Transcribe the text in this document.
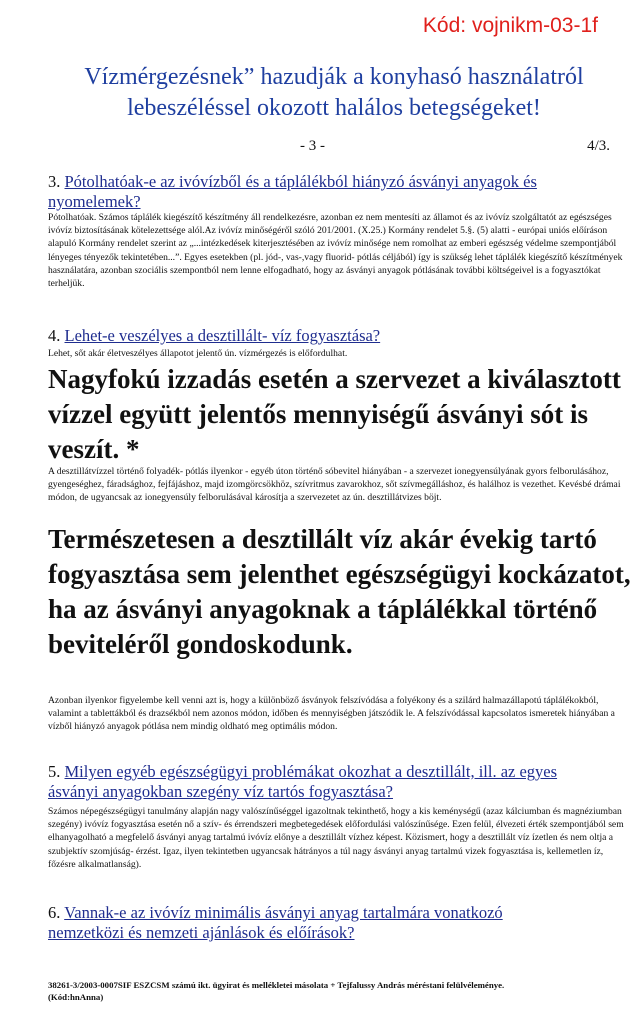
Kód: vojnikm-03-1f
Vízmérgezésnek” hazudják a konyhasó használatról lebeszéléssel okozott halálos betegségeket!
- 3 -	4/3.
3. Pótolhatóak-e az ivóvízből és a táplálékból hiányzó ásványi anyagok és nyomelemek?
Pótolhatóak. Számos táplálék kiegészítő készítmény áll rendelkezésre, azonban ez nem mentesíti az államot és az ivóvíz szolgáltatót az egészséges ivóvíz biztosításának kötelezettsége alól.Az ivóvíz minőségéről szóló 201/2001. (X.25.) Kormány rendelet 5.§. (5) alatti - európai uniós előíráson alapuló Kormány rendelet szerint az „...intézkedések kiterjesztésében az ivóvíz minősége nem romolhat az emberi egészség védelme szempontjából lényeges tényezők tekintetében...”. Egyes esetekben (pl. jód-, vas-,vagy fluorid- pótlás céljából) így is szükség lehet táplálék kiegészítő készítmények használatára, azonban szociális szempontból nem lenne elfogadható, hogy az ásványi anyagok pótlásának további költségeivel is a fogyasztókat terheljük.
4. Lehet-e veszélyes a desztillált- víz fogyasztása?
Lehet, sőt akár életveszélyes állapotot jelentő ún. vízmérgezés is előfordulhat.
Nagyfokú izzadás esetén a szervezet a kiválasztott vízzel együtt jelentős mennyiségű ásványi sót is veszít. *
A desztillátvízzel történő folyadék- pótlás ilyenkor - egyéb úton történő sóbevitel hiányában - a szervezet ionegyensúlyának gyors felborulásához, gyengeséghez, fáradsághoz, fejfájáshoz, majd izomgörcsökhöz, szívritmus zavarokhoz, sőt szívmegálláshoz, és halálhoz is vezethet. Kevésbé drámai módon, de ugyancsak az ionegyensúly felborulásával károsítja a szervezetet az ún. desztillátvizes böjt.
Természetesen a desztillált víz akár évekig tartó fogyasztása sem jelenthet egészségügyi kockázatot, ha az ásványi anyagoknak a táplálékkal történő beviteléről gondoskodunk.
Azonban ilyenkor figyelembe kell venni azt is, hogy a különböző ásványok felszívódása a folyékony és a szilárd halmazállapotú táplálékokból, valamint a tablettákból és drazsékból nem azonos módon, időben és mennyiségben játszódik le. A felszívódással kapcsolatos ismeretek hiányában a vízből hiányzó anyagok pótlása nem mindig oldható meg optimális módon.
5. Milyen egyéb egészségügyi problémákat okozhat a desztillált, ill. az egyes ásványi anyagokban szegény víz tartós fogyasztása?
Számos népegészségügyi tanulmány alapján nagy valószínűséggel igazoltnak tekinthető, hogy a kis keménységű (azaz kálciumban és magnéziumban szegény) ivóvíz fogyasztása esetén nő a szív- és érrendszeri megbetegedések előfordulási valószínűsége. Ezen felül, élvezeti érték szempontjából sem elhanyagolható a megfelelő ásványi anyag tartalmú ivóvíz előnye a desztillált vízhez képest. Közismert, hogy a desztillált víz ízetlen és nem oltja a szubjektív szomjúság- érzést. Igaz, ilyen tekintetben ugyancsak hátrányos a túl nagy ásványi anyag tartalmú vizek fogyasztása is, kellemetlen íz, főzésre alkalmatlanság).
6. Vannak-e az ivóvíz minimális ásványi anyag tartalmára vonatkozó nemzetközi és nemzeti ajánlások és előírások?
38261-3/2003-0007SIF ESZCSM számú ikt. ügyirat és mellékletei másolata + Tejfalussy András méréstani felülvéleménye.
(Kód:hnAnna)
